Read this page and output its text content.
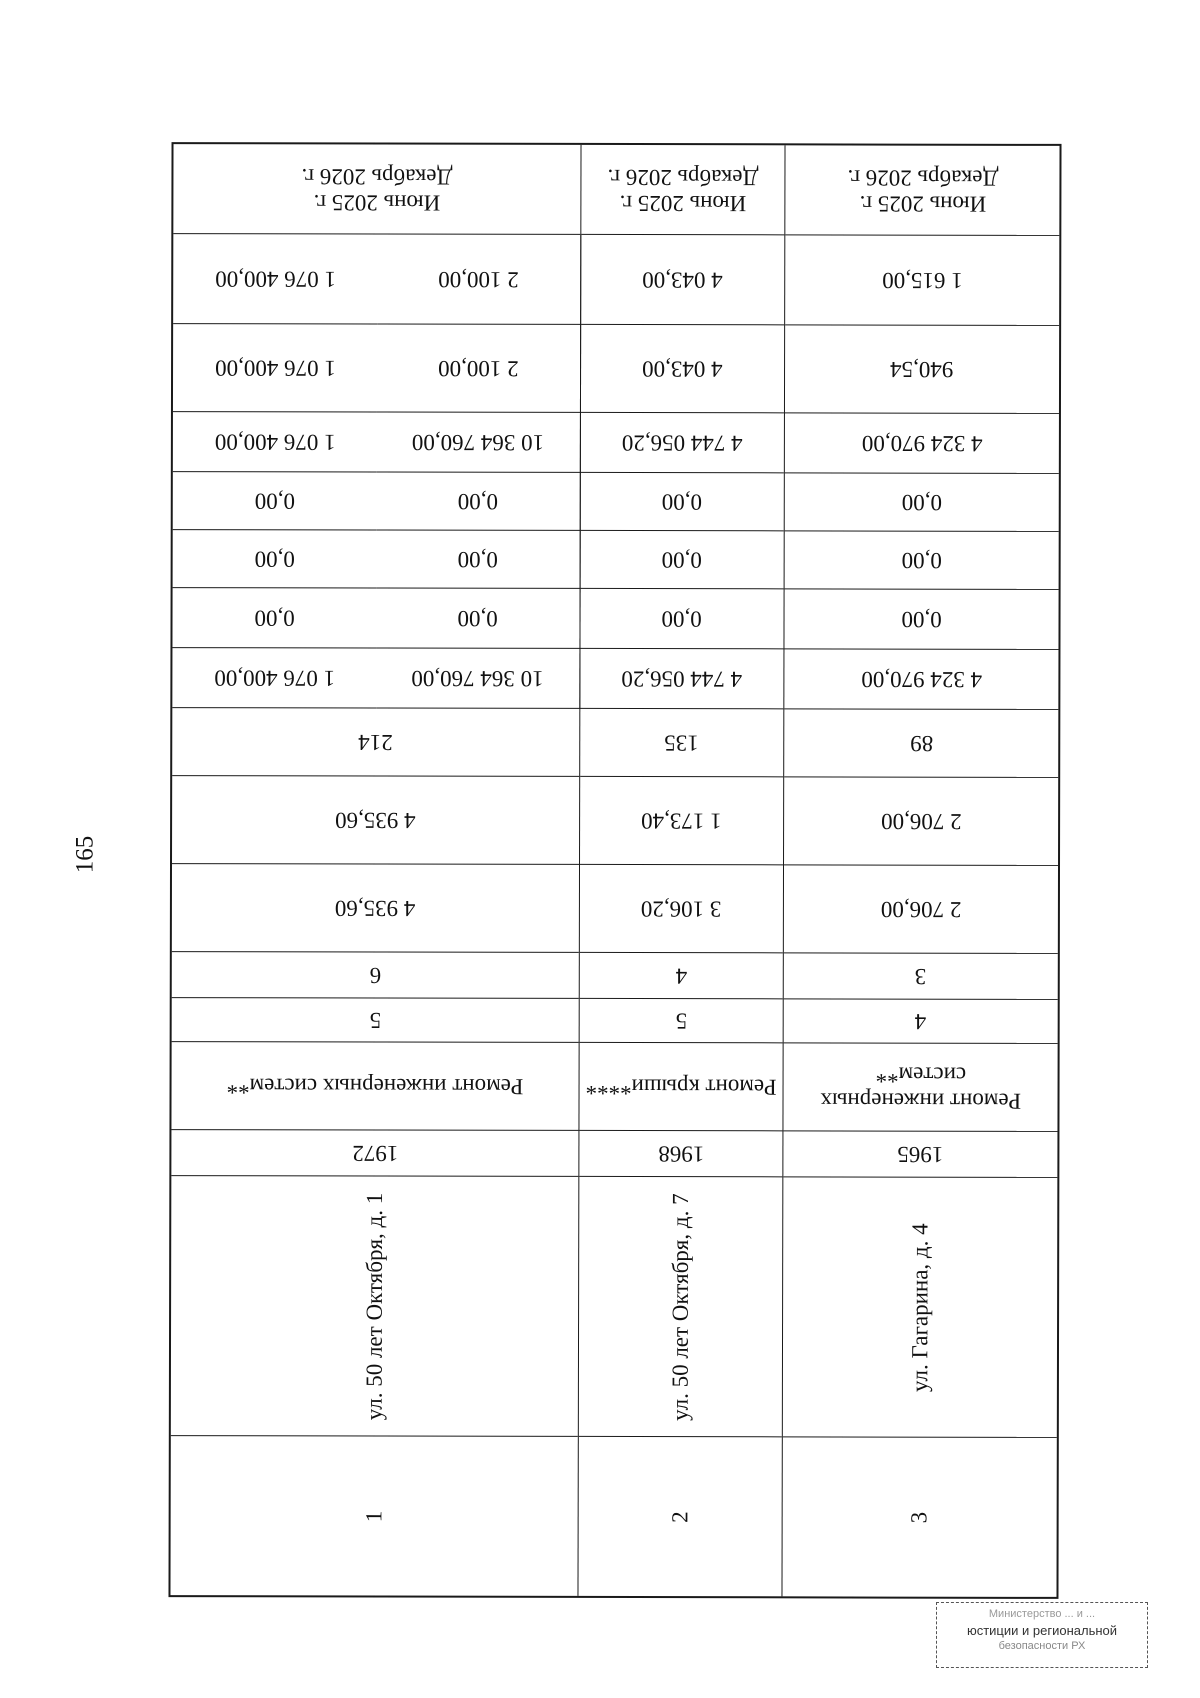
165
Июнь 2025 г.
Декабрь 2026 г.
2 100,00
1 076 400,00
2 100,00
1 076 400,00
10 364 760,00
1 076 400,00
0,00
0,00
0,00
0,00
0,00
0,00
10 364 760,00
1 076 400,00
214
4 935,60
4 935,60
6
5
Ремонт инженерных систем**
1972
ул. 50 лет Октября, д. 1
1
Июнь 2025 г.
Декабрь 2026 г.
4 043,00
4 043,00
4 744 056,20
0,00
0,00
0,00
4 744 056,20
135
1 173,40
3 106,20
4
5
Ремонт крыши****
1968
ул. 50 лет Октября, д. 7
2
Июнь 2025 г.
Декабрь 2026 г.
1 615,00
940,54
4 324 970,00
0,00
0,00
0,00
4 324 970,00
89
2 706,00
2 706,00
3
4
Ремонт инженерных
систем**
1965
ул. Гагарина, д. 4
3
Министерство ... и ...
юстиции и региональной
безопасности РХ
